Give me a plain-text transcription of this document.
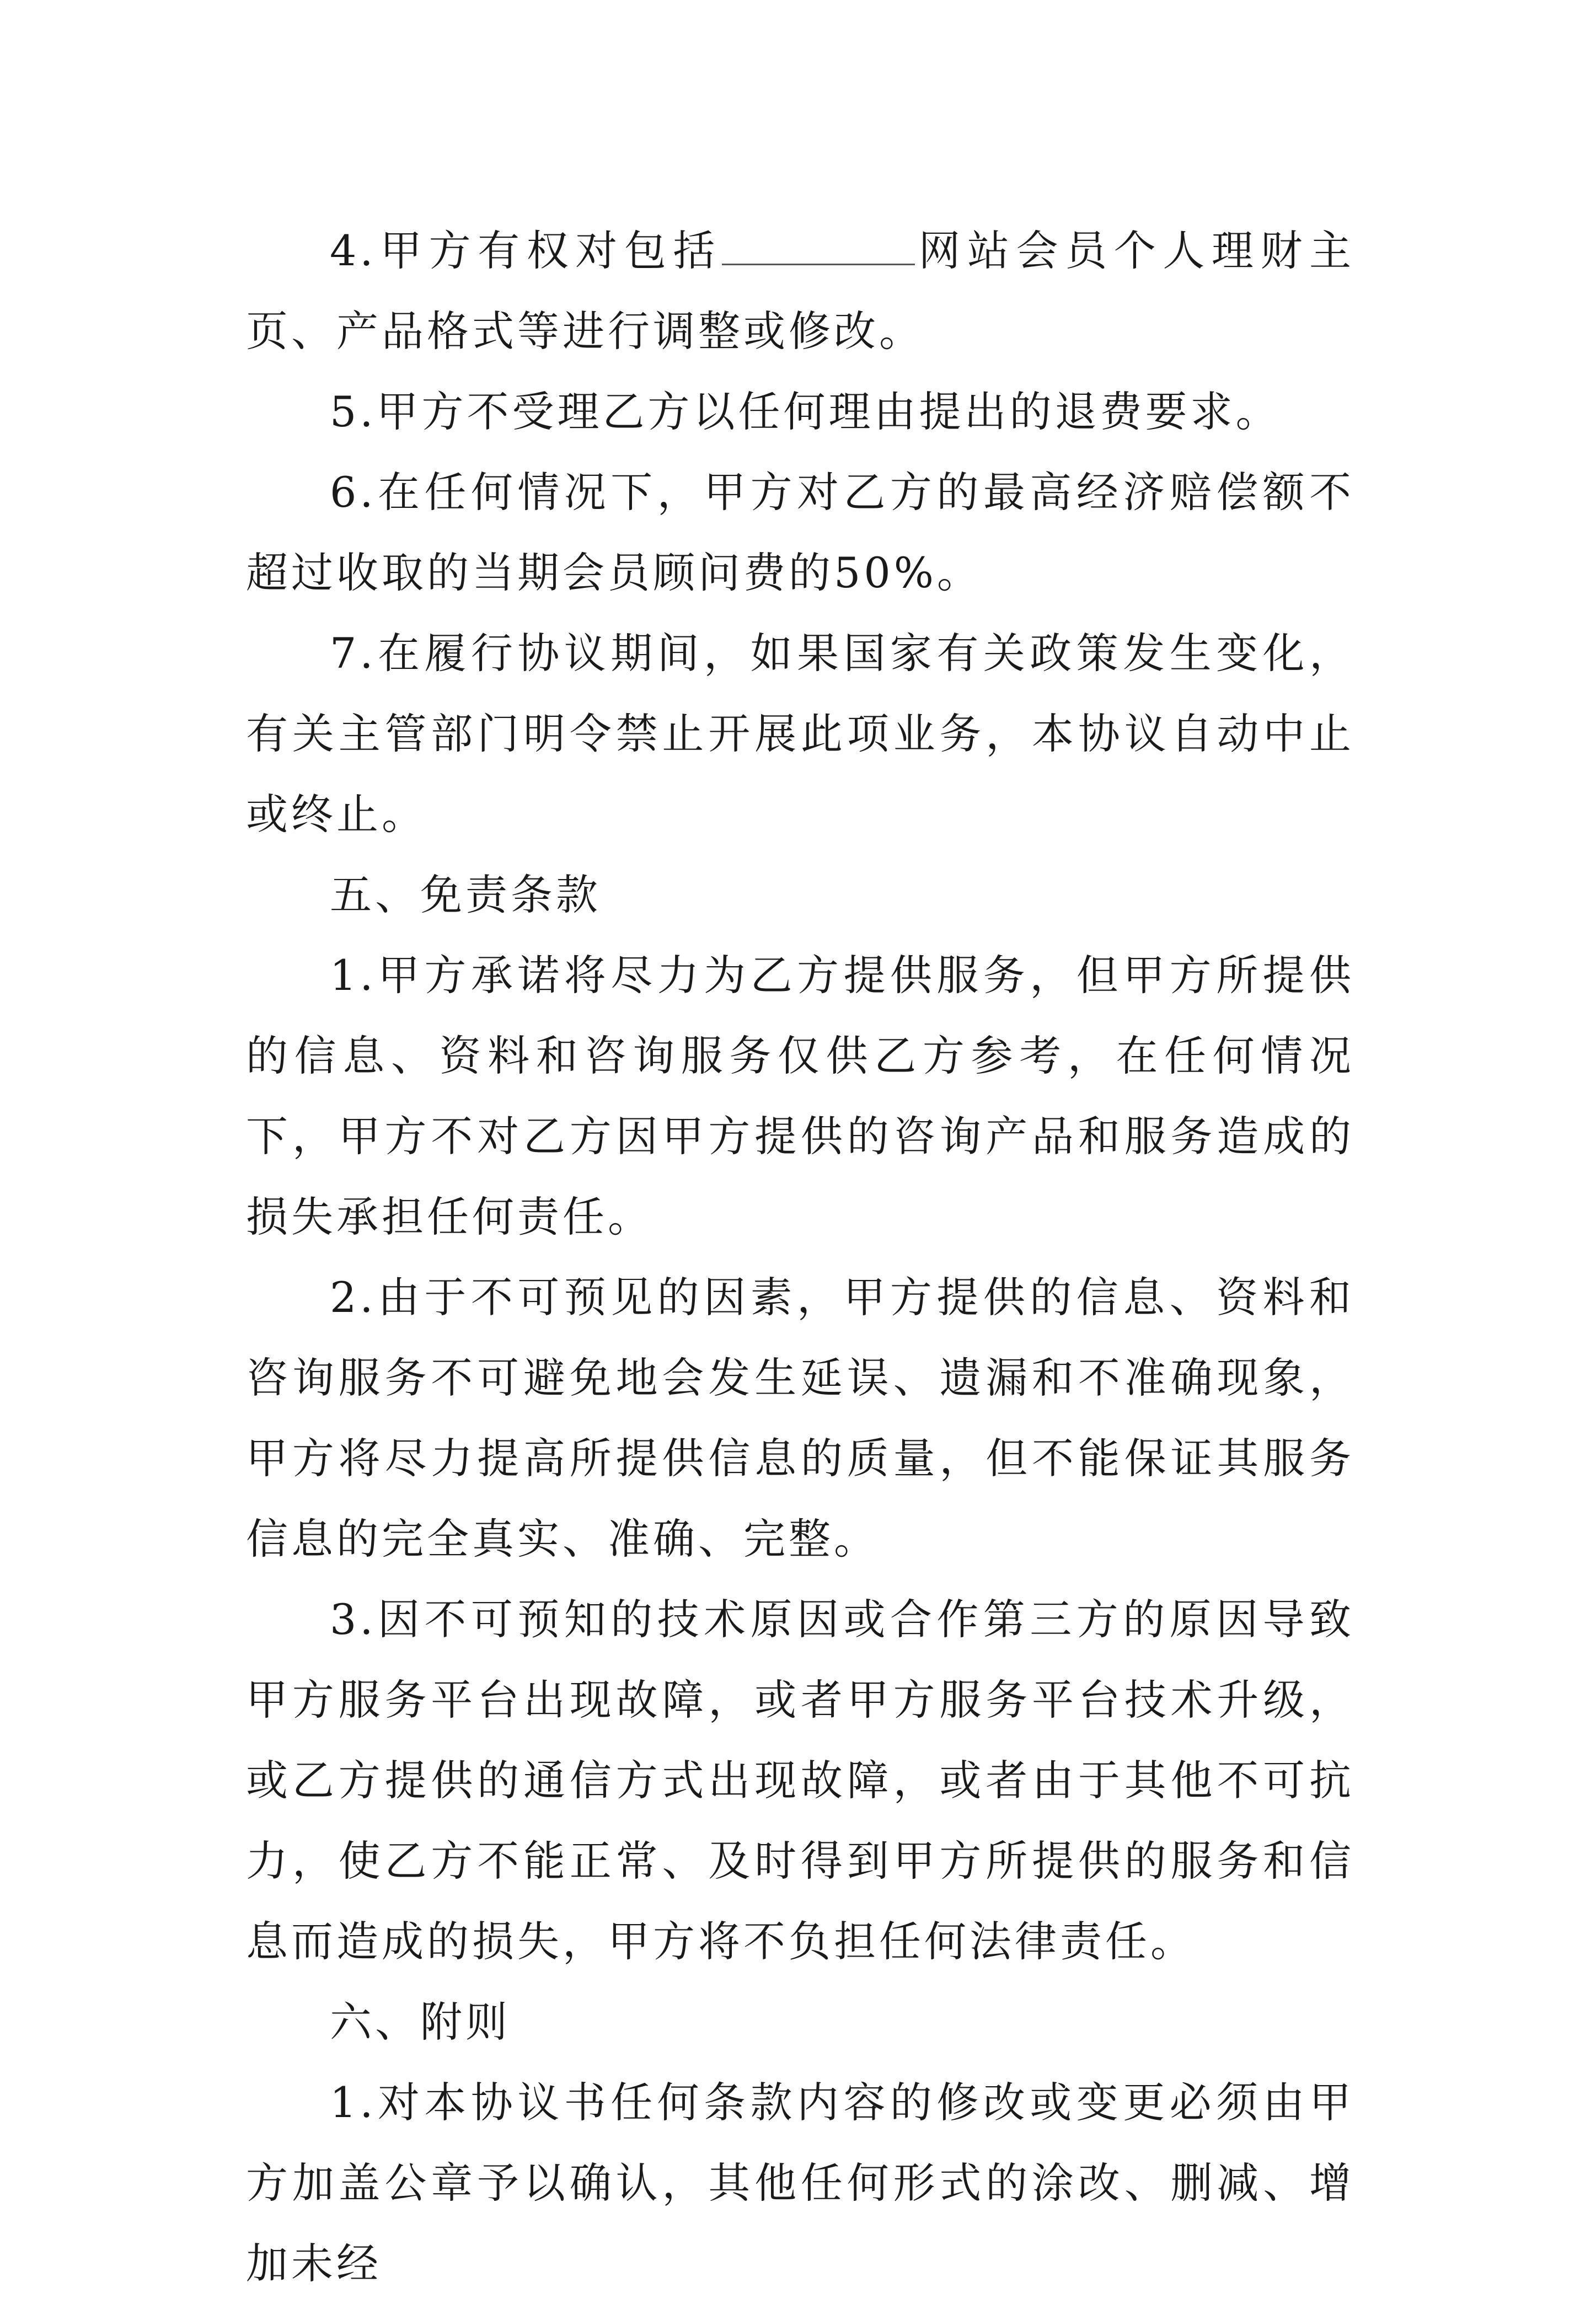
4.甲方有权对包括	网站会员个人理财主页、产品格式等进行调整或修改。

5.甲方不受理乙方以任何理由提出的退费要求。

6.在任何情况下，甲方对乙方的最高经济赔偿额不超过收取的当期会员顾问费的50%。

7.在履行协议期间，如果国家有关政策发生变化，有关主管部门明令禁止开展此项业务，本协议自动中止或终止。

五、免责条款

1.甲方承诺将尽力为乙方提供服务，但甲方所提供的信息、资料和咨询服务仅供乙方参考，在任何情况下，甲方不对乙方因甲方提供的咨询产品和服务造成的损失承担任何责任。

2.由于不可预见的因素，甲方提供的信息、资料和咨询服务不可避免地会发生延误、遗漏和不准确现象，甲方将尽力提高所提供信息的质量，但不能保证其服务信息的完全真实、准确、完整。

3.因不可预知的技术原因或合作第三方的原因导致甲方服务平台出现故障，或者甲方服务平台技术升级，或乙方提供的通信方式出现故障，或者由于其他不可抗力，使乙方不能正常、及时得到甲方所提供的服务和信息而造成的损失，甲方将不负担任何法律责任。

六、附则

1.对本协议书任何条款内容的修改或变更必须由甲方加盖公章予以确认，其他任何形式的涂改、删减、增加未经
